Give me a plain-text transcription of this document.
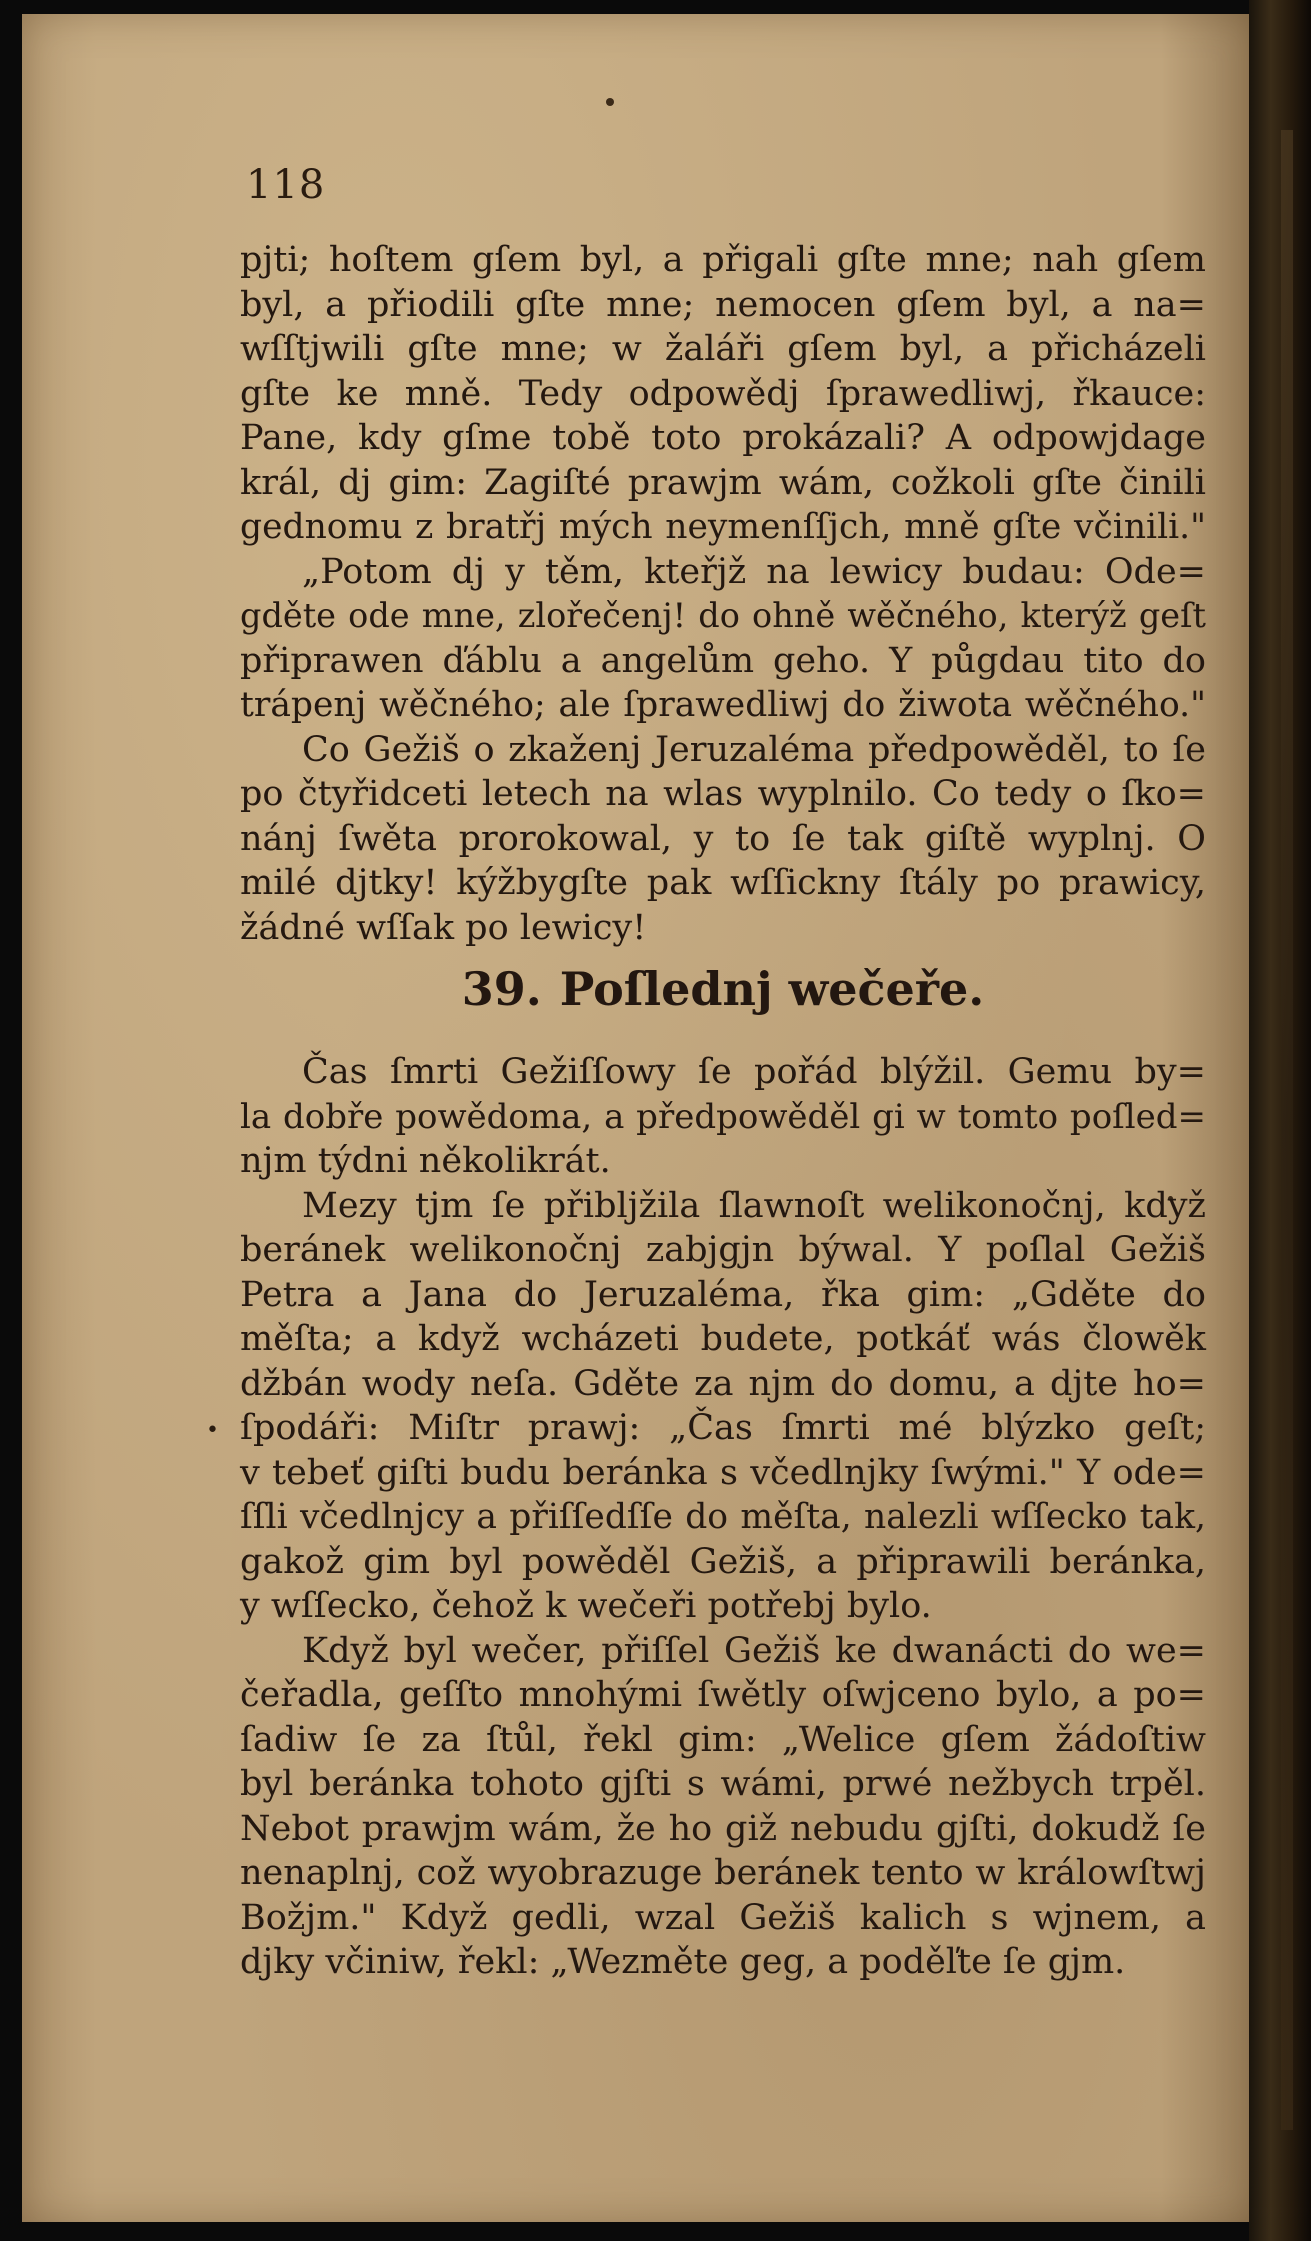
118
pjti; hoſtem gſem byl, a přigali gſte mne; nah gſem
byl, a přiodili gſte mne; nemocen gſem byl, a na=
wſſtjwili gſte mne; w žaláři gſem byl, a přicházeli
gſte ke mně. Tedy odpowědj ſprawedliwj, řkauce:
Pane, kdy gſme tobě toto prokázali? A odpowjdage
král, dj gim: Zagiſté prawjm wám, cožkoli gſte činili
gednomu z bratřj mých neymenſſjch, mně gſte včinili."
„Potom dj y těm, kteřjž na lewicy budau: Ode=
gděte ode mne, zlořečenj! do ohně wěčného, kterýž geſt
připrawen ďáblu a angelům geho. Y půgdau tito do
trápenj wěčného; ale ſprawedliwj do žiwota wěčného."
Co Gežiš o zkaženj Jeruzaléma předpowěděl, to ſe
po čtyřidceti letech na wlas wyplnilo. Co tedy o ſko=
nánj ſwěta prorokowal, y to ſe tak giſtě wyplnj. O
milé djtky! kýžbygſte pak wſſickny ſtály po prawicy,
žádné wſſak po lewicy!
39. Poſlednj wečeře.
Čas ſmrti Gežiſſowy ſe pořád blýžil. Gemu by=
la dobře powědoma, a předpowěděl gi w tomto poſled=
njm týdni několikrát.
Mezy tjm ſe přibljžila ſlawnoſt welikonočnj, když
beránek welikonočnj zabjgjn býwal. Y poſlal Gežiš
Petra a Jana do Jeruzaléma, řka gim: „Gděte do
měſta; a když wcházeti budete, potkáť wás člowěk
džbán wody neſa. Gděte za njm do domu, a djte ho=
ſpodáři: Miſtr prawj: „Čas ſmrti mé blýzko geſt;
v tebeť giſti budu beránka s včedlnjky ſwými." Y ode=
ſſli včedlnjcy a přiſſedſſe do měſta, nalezli wſſecko tak,
gakož gim byl powěděl Gežiš, a připrawili beránka,
y wſſecko, čehož k wečeři potřebj bylo.
Když byl wečer, přiſſel Gežiš ke dwanácti do we=
čeřadla, geſſto mnohými ſwětly oſwjceno bylo, a po=
ſadiw ſe za ſtůl, řekl gim: „Welice gſem žádoſtiw
byl beránka tohoto gjſti s wámi, prwé nežbych trpěl.
Nebot prawjm wám, že ho giž nebudu gjſti, dokudž ſe
nenaplnj, což wyobrazuge beránek tento w králowſtwj
Božjm." Když gedli, wzal Gežiš kalich s wjnem, a
djky včiniw, řekl: „Wezměte geg, a poděľte ſe gjm.
•
